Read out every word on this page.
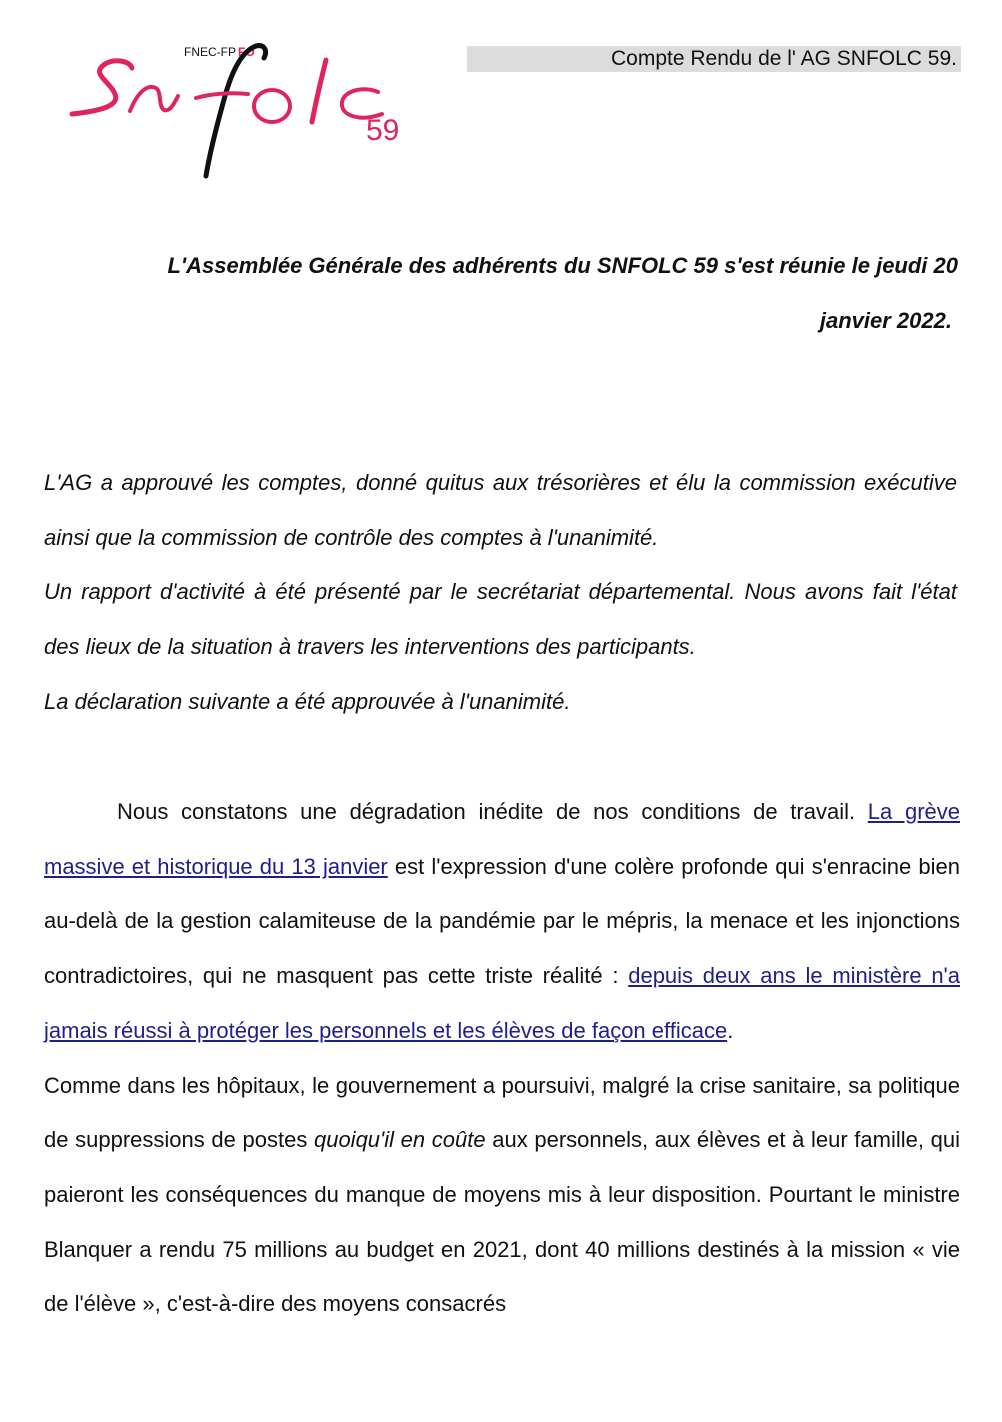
FNEC-FP FO
59
Compte Rendu de l' AG SNFOLC 59.
L'Assemblée Générale des adhérents du SNFOLC 59 s'est réunie le jeudi 20
janvier 2022.

L'AG a approuvé les comptes, donné quitus aux trésorières et élu la commission exécutive ainsi que la commission de contrôle des comptes à l'unanimité.

Un rapport d'activité à été présenté par le secrétariat départemental. Nous avons fait l'état des lieux de la situation à travers les interventions des participants.

La déclaration suivante a été approuvée à l'unanimité.

Nous constatons une dégradation inédite de nos conditions de travail. La grève massive et historique du 13 janvier est l'expression d'une colère profonde qui s'enracine bien au-delà de la gestion calamiteuse de la pandémie par le mépris, la menace et les injonctions contradictoires, qui ne masquent pas cette triste réalité : depuis deux ans le ministère n'a jamais réussi à protéger les personnels et les élèves de façon efficace.

Comme dans les hôpitaux, le gouvernement a poursuivi, malgré la crise sanitaire, sa politique de suppressions de postes quoiqu'il en coûte aux personnels, aux élèves et à leur famille, qui paieront les conséquences du manque de moyens mis à leur disposition. Pourtant le ministre Blanquer a rendu 75 millions au budget en 2021, dont 40 millions destinés à la mission « vie de l'élève », c'est-à-dire des moyens consacrés
